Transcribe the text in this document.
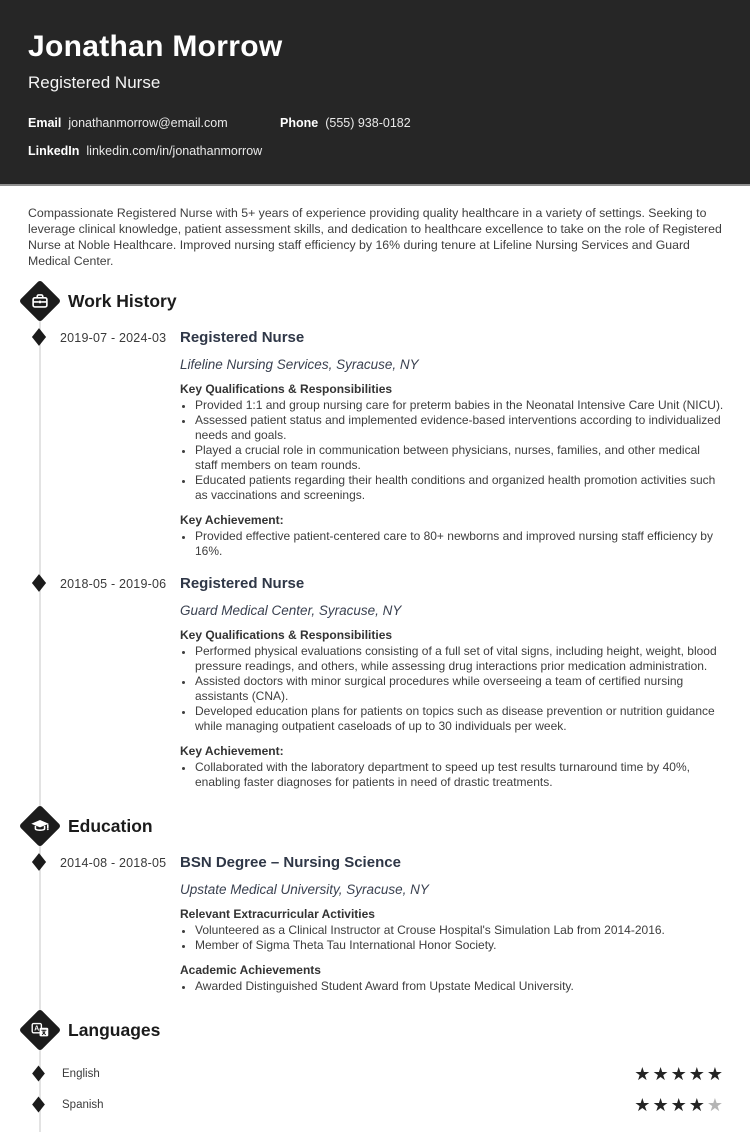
Jonathan Morrow
Registered Nurse
Email jonathanmorrow@email.com	Phone (555) 938-0182
LinkedIn linkedin.com/in/jonathanmorrow

Compassionate Registered Nurse with 5+ years of experience providing quality healthcare in a variety of settings. Seeking to leverage clinical knowledge, patient assessment skills, and dedication to healthcare excellence to take on the role of Registered Nurse at Noble Healthcare. Improved nursing staff efficiency by 16% during tenure at Lifeline Nursing Services and Guard Medical Center.

Work History
2019-07 - 2024-03 Registered Nurse
Lifeline Nursing Services, Syracuse, NY
Key Qualifications & Responsibilities
• Provided 1:1 and group nursing care for preterm babies in the Neonatal Intensive Care Unit (NICU).
• Assessed patient status and implemented evidence-based interventions according to individualized needs and goals.
• Played a crucial role in communication between physicians, nurses, families, and other medical staff members on team rounds.
• Educated patients regarding their health conditions and organized health promotion activities such as vaccinations and screenings.
Key Achievement:
• Provided effective patient-centered care to 80+ newborns and improved nursing staff efficiency by 16%.
2018-05 - 2019-06 Registered Nurse
Guard Medical Center, Syracuse, NY
Key Qualifications & Responsibilities
• Performed physical evaluations consisting of a full set of vital signs, including height, weight, blood pressure readings, and others, while assessing drug interactions prior medication administration.
• Assisted doctors with minor surgical procedures while overseeing a team of certified nursing assistants (CNA).
• Developed education plans for patients on topics such as disease prevention or nutrition guidance while managing outpatient caseloads of up to 30 individuals per week.
Key Achievement:
• Collaborated with the laboratory department to speed up test results turnaround time by 40%, enabling faster diagnoses for patients in need of drastic treatments.
Education
2014-08 - 2018-05 BSN Degree – Nursing Science
Upstate Medical University, Syracuse, NY
Relevant Extracurricular Activities
• Volunteered as a Clinical Instructor at Crouse Hospital's Simulation Lab from 2014-2016.
• Member of Sigma Theta Tau International Honor Society.
Academic Achievements
• Awarded Distinguished Student Award from Upstate Medical University.
A Languages
English	★★★★★
Spanish	★★★★★
